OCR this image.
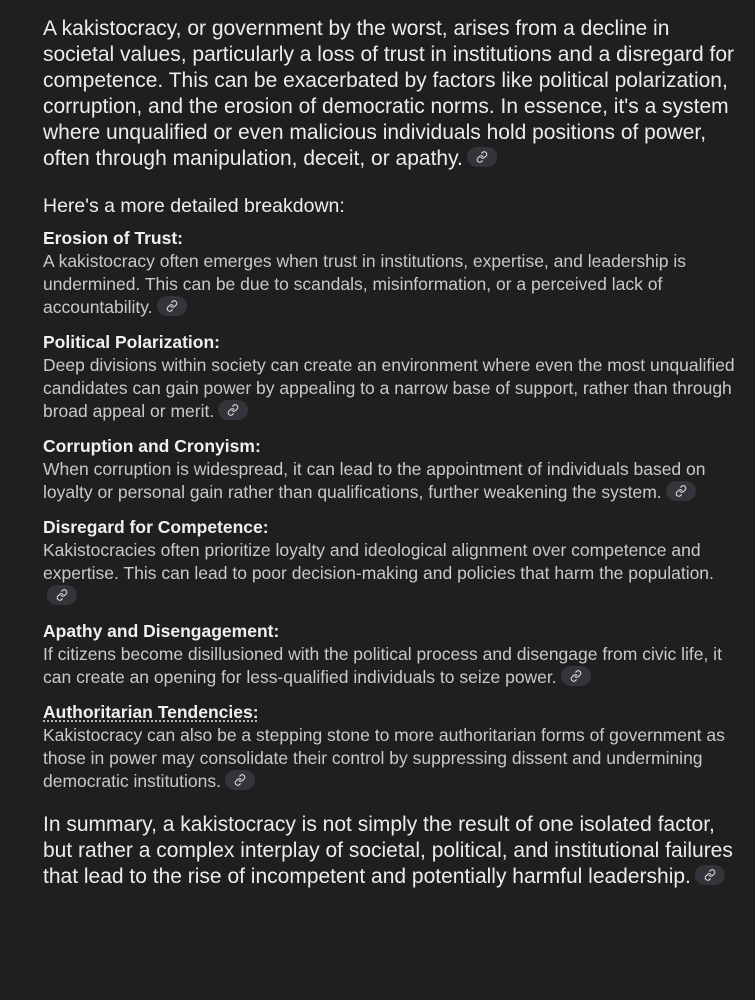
A kakistocracy, or government by the worst, arises from a decline in societal values, particularly a loss of trust in institutions and a disregard for competence. This can be exacerbated by factors like political polarization, corruption, and the erosion of democratic norms. In essence, it's a system where unqualified or even malicious individuals hold positions of power, often through manipulation, deceit, or apathy.

Here's a more detailed breakdown:

Erosion of Trust:

A kakistocracy often emerges when trust in institutions, expertise, and leadership is undermined. This can be due to scandals, misinformation, or a perceived lack of accountability.

Political Polarization:

Deep divisions within society can create an environment where even the most unqualified candidates can gain power by appealing to a narrow base of support, rather than through broad appeal or merit.

Corruption and Cronyism:

When corruption is widespread, it can lead to the appointment of individuals based on loyalty or personal gain rather than qualifications, further weakening the system.

Disregard for Competence:

Kakistocracies often prioritize loyalty and ideological alignment over competence and expertise. This can lead to poor decision-making and policies that harm the population.

Apathy and Disengagement:

If citizens become disillusioned with the political process and disengage from civic life, it can create an opening for less-qualified individuals to seize power.

Authoritarian Tendencies:

Kakistocracy can also be a stepping stone to more authoritarian forms of government as those in power may consolidate their control by suppressing dissent and undermining democratic institutions.

In summary, a kakistocracy is not simply the result of one isolated factor, but rather a complex interplay of societal, political, and institutional failures that lead to the rise of incompetent and potentially harmful leadership.
